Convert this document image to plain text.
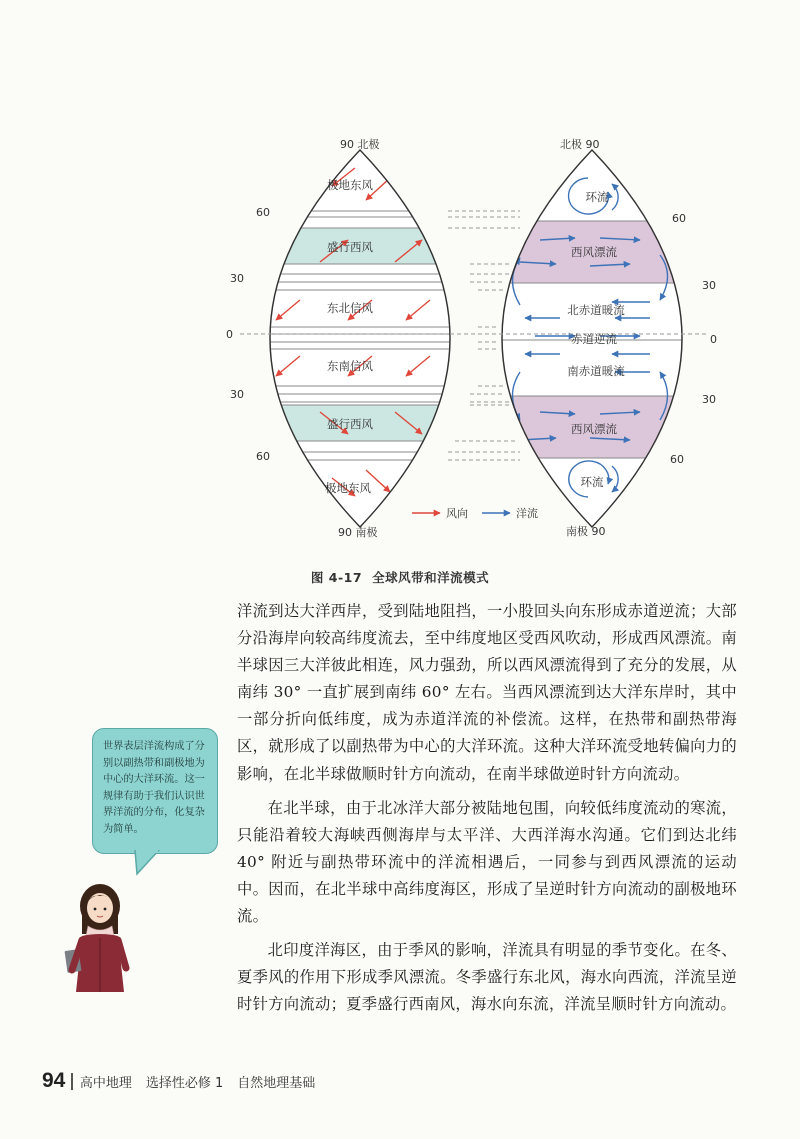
90 北极
90 南极
60
30
0
30
60
极地东风
盛行西风
东北信风
东南信风
盛行西风
极地东风
北极 90
南极 90
60
30
0
30
60
环流
西风漂流
北赤道暖流
赤道逆流
南赤道暖流
西风漂流
环流
风向	洋流
图 4-17 全球风带和洋流模式

洋流到达大洋西岸，受到陆地阻挡，一小股回头向东形成赤道逆流；大部分沿海岸向较高纬度流去，至中纬度地区受西风吹动，形成西风漂流。南半球因三大洋彼此相连，风力强劲，所以西风漂流得到了充分的发展，从南纬 30° 一直扩展到南纬 60° 左右。当西风漂流到达大洋东岸时，其中一部分折向低纬度，成为赤道洋流的补偿流。这样，在热带和副热带海区，就形成了以副热带为中心的大洋环流。这种大洋环流受地转偏向力的影响，在北半球做顺时针方向流动，在南半球做逆时针方向流动。

在北半球，由于北冰洋大部分被陆地包围，向较低纬度流动的寒流，只能沿着较大海峡西侧海岸与太平洋、大西洋海水沟通。它们到达北纬 40° 附近与副热带环流中的洋流相遇后，一同参与到西风漂流的运动中。因而，在北半球中高纬度海区，形成了呈逆时针方向流动的副极地环流。

北印度洋海区，由于季风的影响，洋流具有明显的季节变化。在冬、夏季风的作用下形成季风漂流。冬季盛行东北风，海水向西流，洋流呈逆时针方向流动；夏季盛行西南风，海水向东流，洋流呈顺时针方向流动。

世界表层洋流构成了分别以副热带和副极地为中心的大洋环流。这一规律有助于我们认识世界洋流的分布，化复杂为简单。
94 高中地理 选择性必修 1 自然地理基础
